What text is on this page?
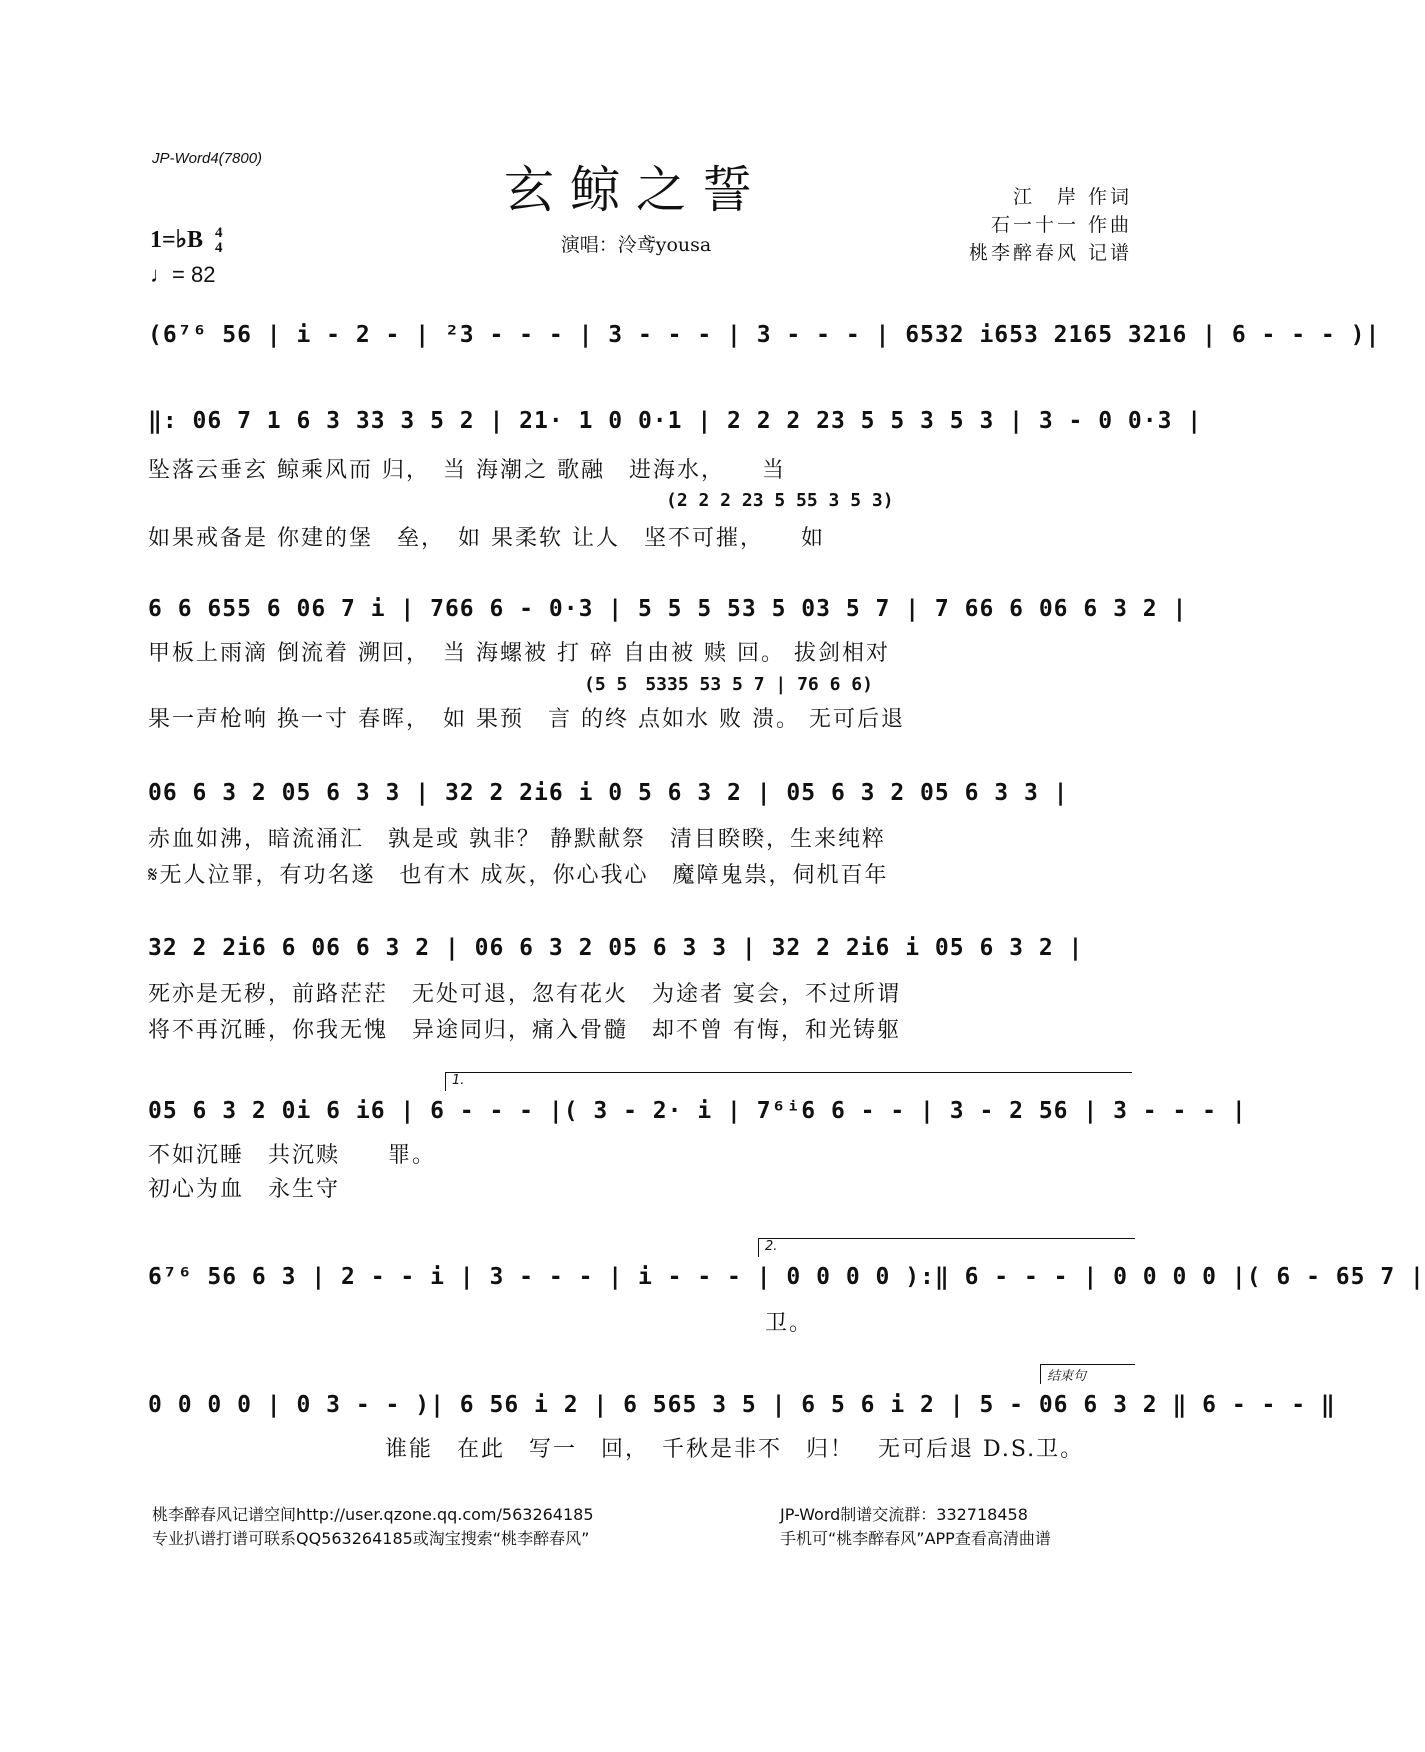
JP-Word4(7800)
玄鲸之誓
演唱：泠鸢yousa
江　岸 作词
石一十一 作曲
桃李醉春风 记谱
1=♭B 4
4
♩= 82
(6⁷⁶ 56 | i - 2 - | ²3 - - - | 3 - - - | 3 - - - | 6532 i653 2165 3216 | 6 - - - )|
‖: 06 7 1 6 3 33 3 5 2 | 21· 1 0 0·1 | 2 2 2 23 5 5 3 5 3 | 3 - 0 0·3 |
坠落云垂玄 鲸乘风而 归，　当 海潮之 歌融　进海水，　　当
(2 2 2 23 5 55 3 5 3)
如果戒备是 你建的堡　垒，　如 果柔软 让人　坚不可摧，　　如
6 6 655 6 06 7 i | 766 6 - 0·3 | 5 5 5 53 5 03 5 7 | 7 66 6 06 6 3 2 |
甲板上雨滴 倒流着 溯回，　当 海螺被 打 碎 自由被 赎 回。 拔剑相对
(5 5　5335 53 5 7 | 76 6 6)
果一声枪响 换一寸 春晖，　如 果预　言 的终 点如水 败 溃。 无可后退
06 6 3 2 05 6 3 3 | 32 2 2i6 i 0 5 6 3 2 | 05 6 3 2 05 6 3 3 |
赤血如沸，暗流涌汇　孰是或 孰非？ 静默献祭　清目睽睽，生来纯粹
𝄋无人泣罪，有功名遂　也有木 成灰，你心我心　魔障鬼祟，伺机百年
32 2 2i6 6 06 6 3 2 | 06 6 3 2 05 6 3 3 | 32 2 2i6 i 05 6 3 2 |
死亦是无秽，前路茫茫　无处可退，忽有花火　为途者 宴会，不过所谓
将不再沉睡，你我无愧　异途同归，痛入骨髓　却不曾 有悔，和光铸躯
1.
05 6 3 2 0i 6 i6 | 6 - - - |( 3 - 2· i | 7⁶ⁱ6 6 - - | 3 - 2 56 | 3 - - - |
不如沉睡　共沉赎　　罪。
初心为血　永生守
2.
6⁷⁶ 56 6 3 | 2 - - i | 3 - - - | i - - - | 0 0 0 0 ):‖ 6 - - - | 0 0 0 0 |( 6 - 65 7 |
卫。
结束句
0 0 0 0 | 0 3 - - )| 6 56 i 2 | 6 565 3 5 | 6 5 6 i 2 | 5 - 06 6 3 2 ‖ 6 - - - ‖
谁能　在此　写一　回，　千秋是非不　归！　无可后退 D.S.卫。
桃李醉春风记谱空间http://user.qzone.qq.com/563264185
专业扒谱打谱可联系QQ563264185或淘宝搜索“桃李醉春风”
JP-Word制谱交流群：332718458
手机可“桃李醉春风”APP查看高清曲谱
